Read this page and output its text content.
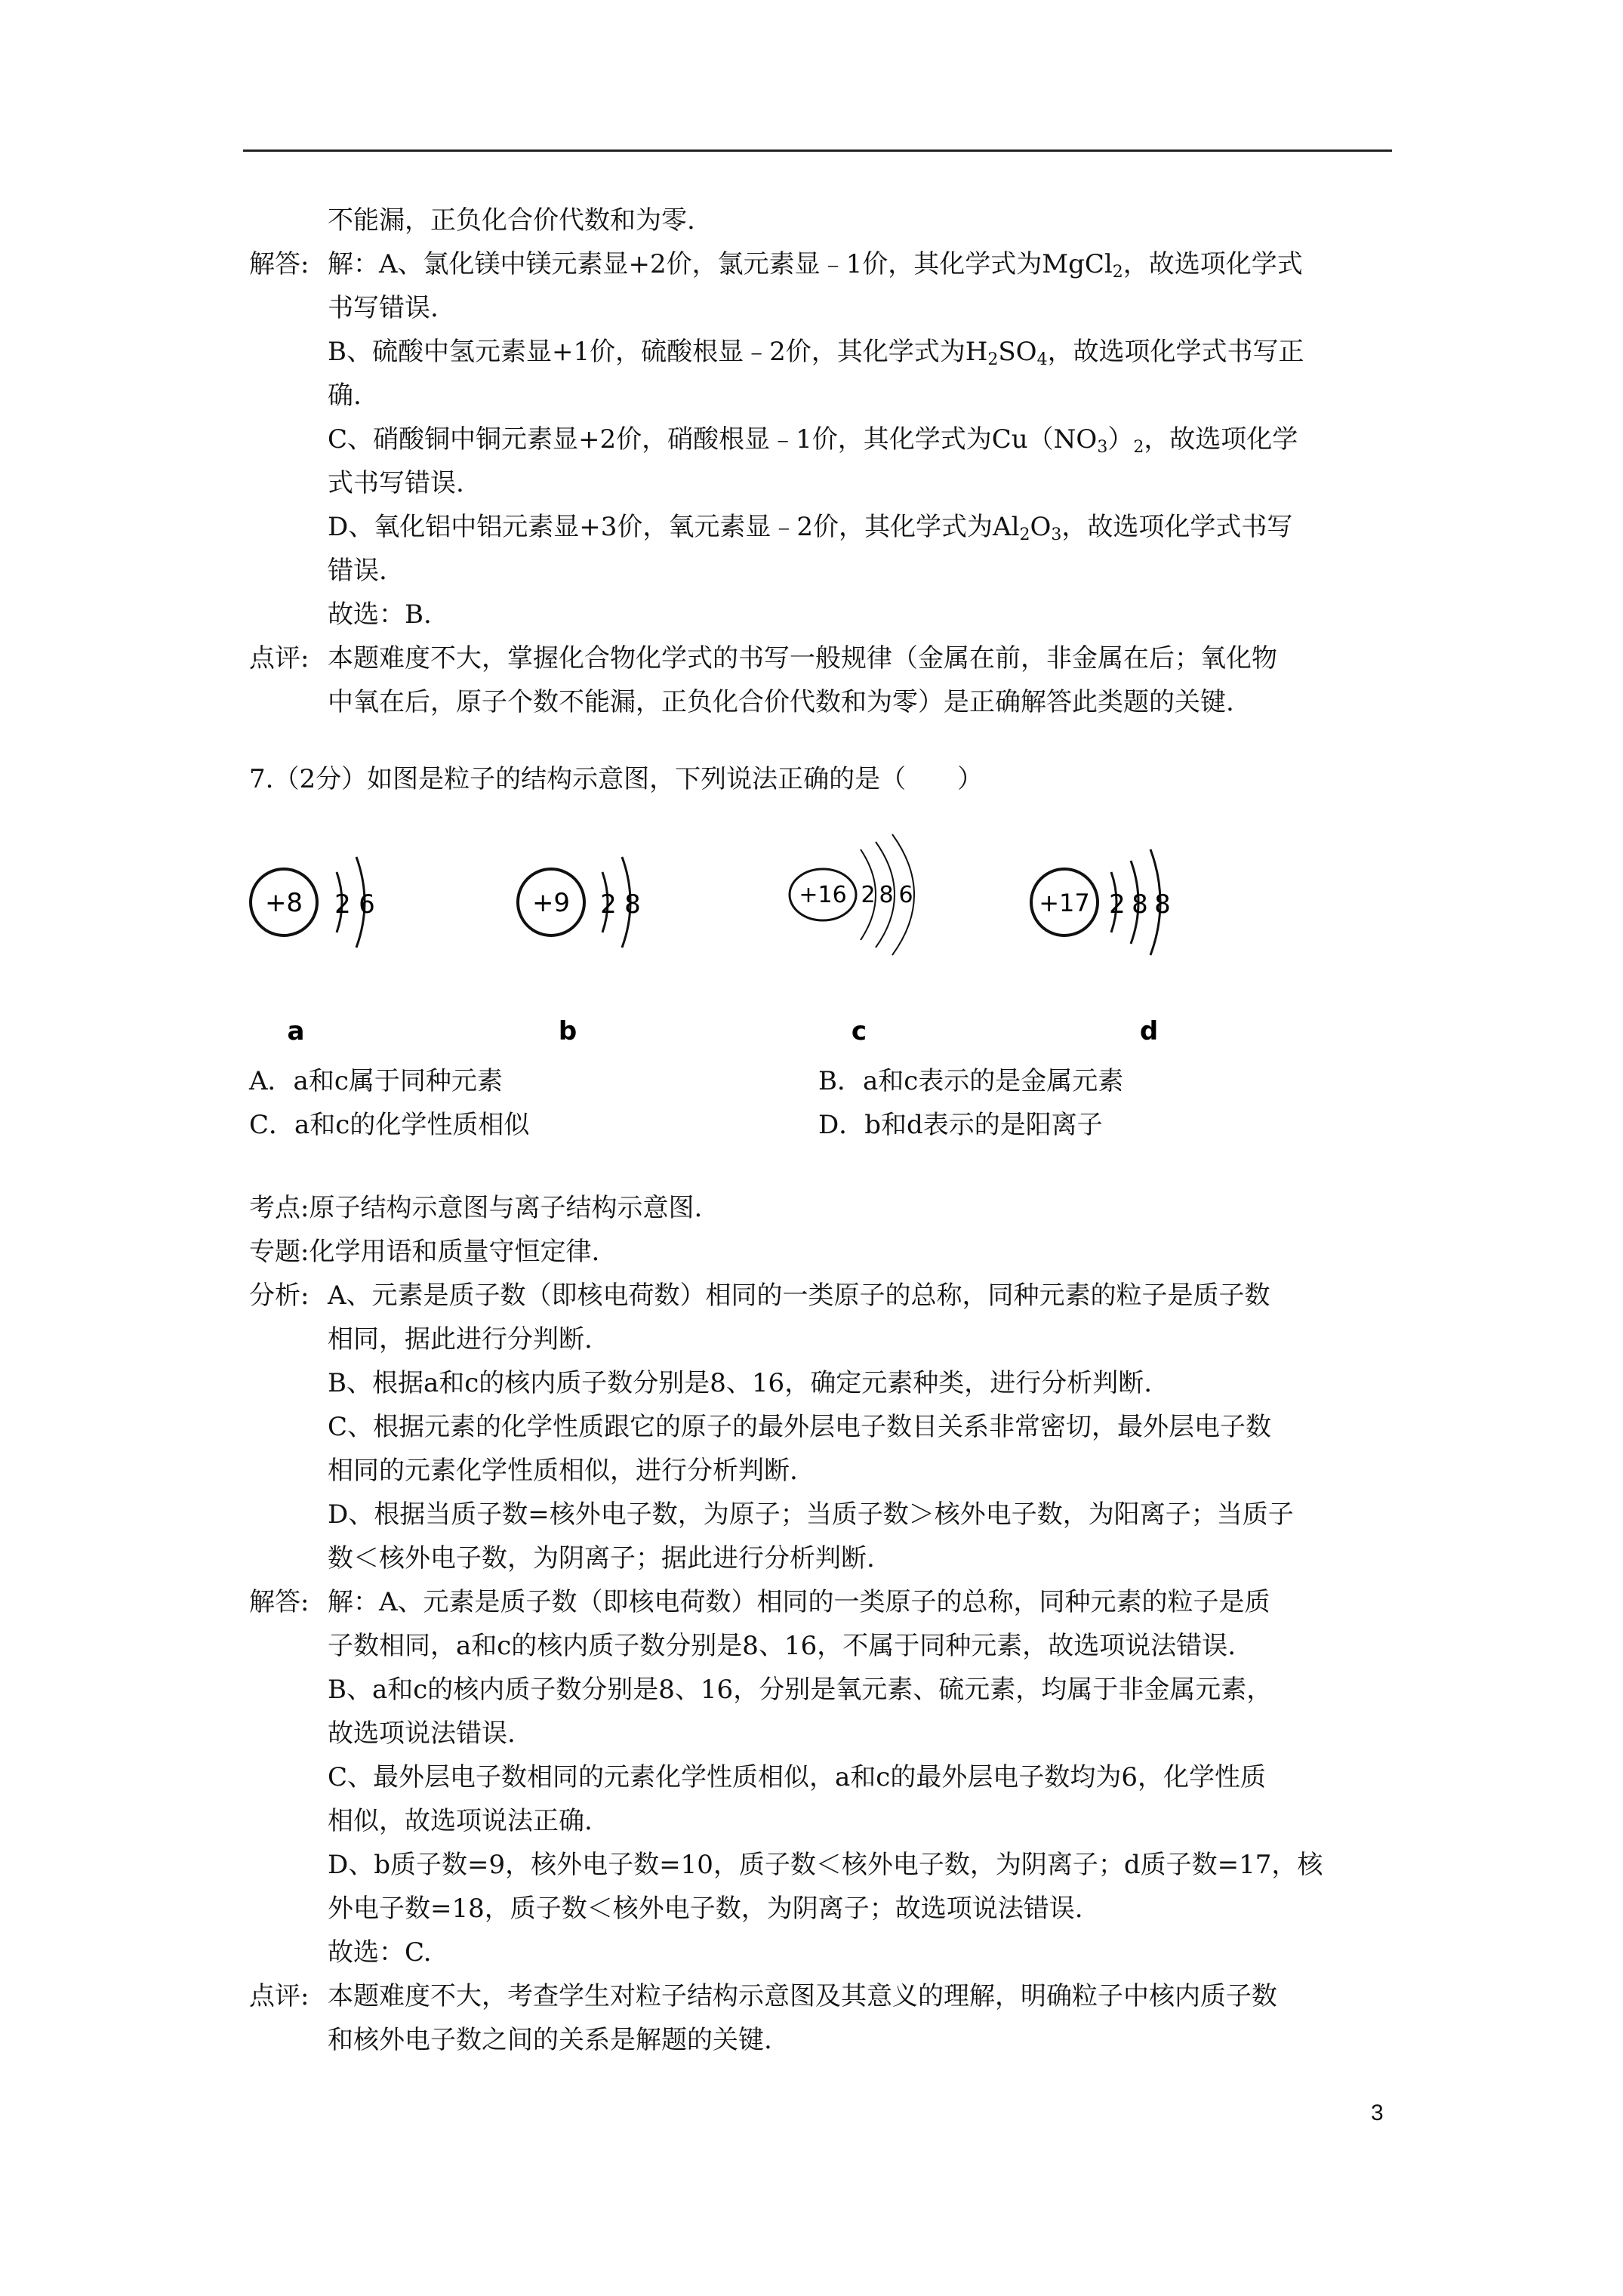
不能漏，正负化合价代数和为零.
解答: 解：A、氯化镁中镁元素显+2价，氯元素显﹣1价，其化学式为MgCl$_2$，故选项化学式
书写错误.
B、硫酸中氢元素显+1价，硫酸根显﹣2价，其化学式为$H_2SO_4$，故选项化学式书写正
确.
C、硝酸铜中铜元素显+2价，硝酸根显﹣1价，其化学式为$Cu(NO_3)_2$，故选项化学
式书写错误.
D、氧化铝中铝元素显+3价，氧元素显﹣2价，其化学式为$Al_2O_3$，故选项化学式书写
错误.
故选：B.
点评: 本题难度不大，掌握化合物化学式的书写一般规律（金属在前，非金属在后；氧化物
中氧在后，原子个数不能漏，正负化合价代数和为零）是正确解答此类题的关键.
7.（2分）如图是粒子的结构示意图，下列说法正确的是（　　）
+8 2 6
a
+9 2 8
b
+16 2 8 6
c
+17 2 8 8
d
A．a和c属于同种元素	B．a和c表示的是金属元素
C．a和c的化学性质相似	D．b和d表示的是阳离子
考点:原子结构示意图与离子结构示意图.
专题:化学用语和质量守恒定律.
分析: A、元素是质子数（即核电荷数）相同的一类原子的总称，同种元素的粒子是质子数
相同，据此进行分判断.
B、根据a和c的核内质子数分别是8、16，确定元素种类，进行分析判断.
C、根据元素的化学性质跟它的原子的最外层电子数目关系非常密切，最外层电子数
相同的元素化学性质相似，进行分析判断.
D、根据当质子数=核外电子数，为原子；当质子数＞核外电子数，为阳离子；当质子
数＜核外电子数，为阴离子；据此进行分析判断.
解答: 解：A、元素是质子数（即核电荷数）相同的一类原子的总称，同种元素的粒子是质
子数相同，a和c的核内质子数分别是8、16，不属于同种元素，故选项说法错误.
B、a和c的核内质子数分别是8、16，分别是氧元素、硫元素，均属于非金属元素，
故选项说法错误.
C、最外层电子数相同的元素化学性质相似，a和c的最外层电子数均为6，化学性质
相似，故选项说法正确.
D、b质子数=9，核外电子数=10，质子数＜核外电子数，为阴离子；d质子数=17，核
外电子数=18，质子数＜核外电子数，为阴离子；故选项说法错误.
故选：C.
点评: 本题难度不大，考查学生对粒子结构示意图及其意义的理解，明确粒子中核内质子数
和核外电子数之间的关系是解题的关键.
3
